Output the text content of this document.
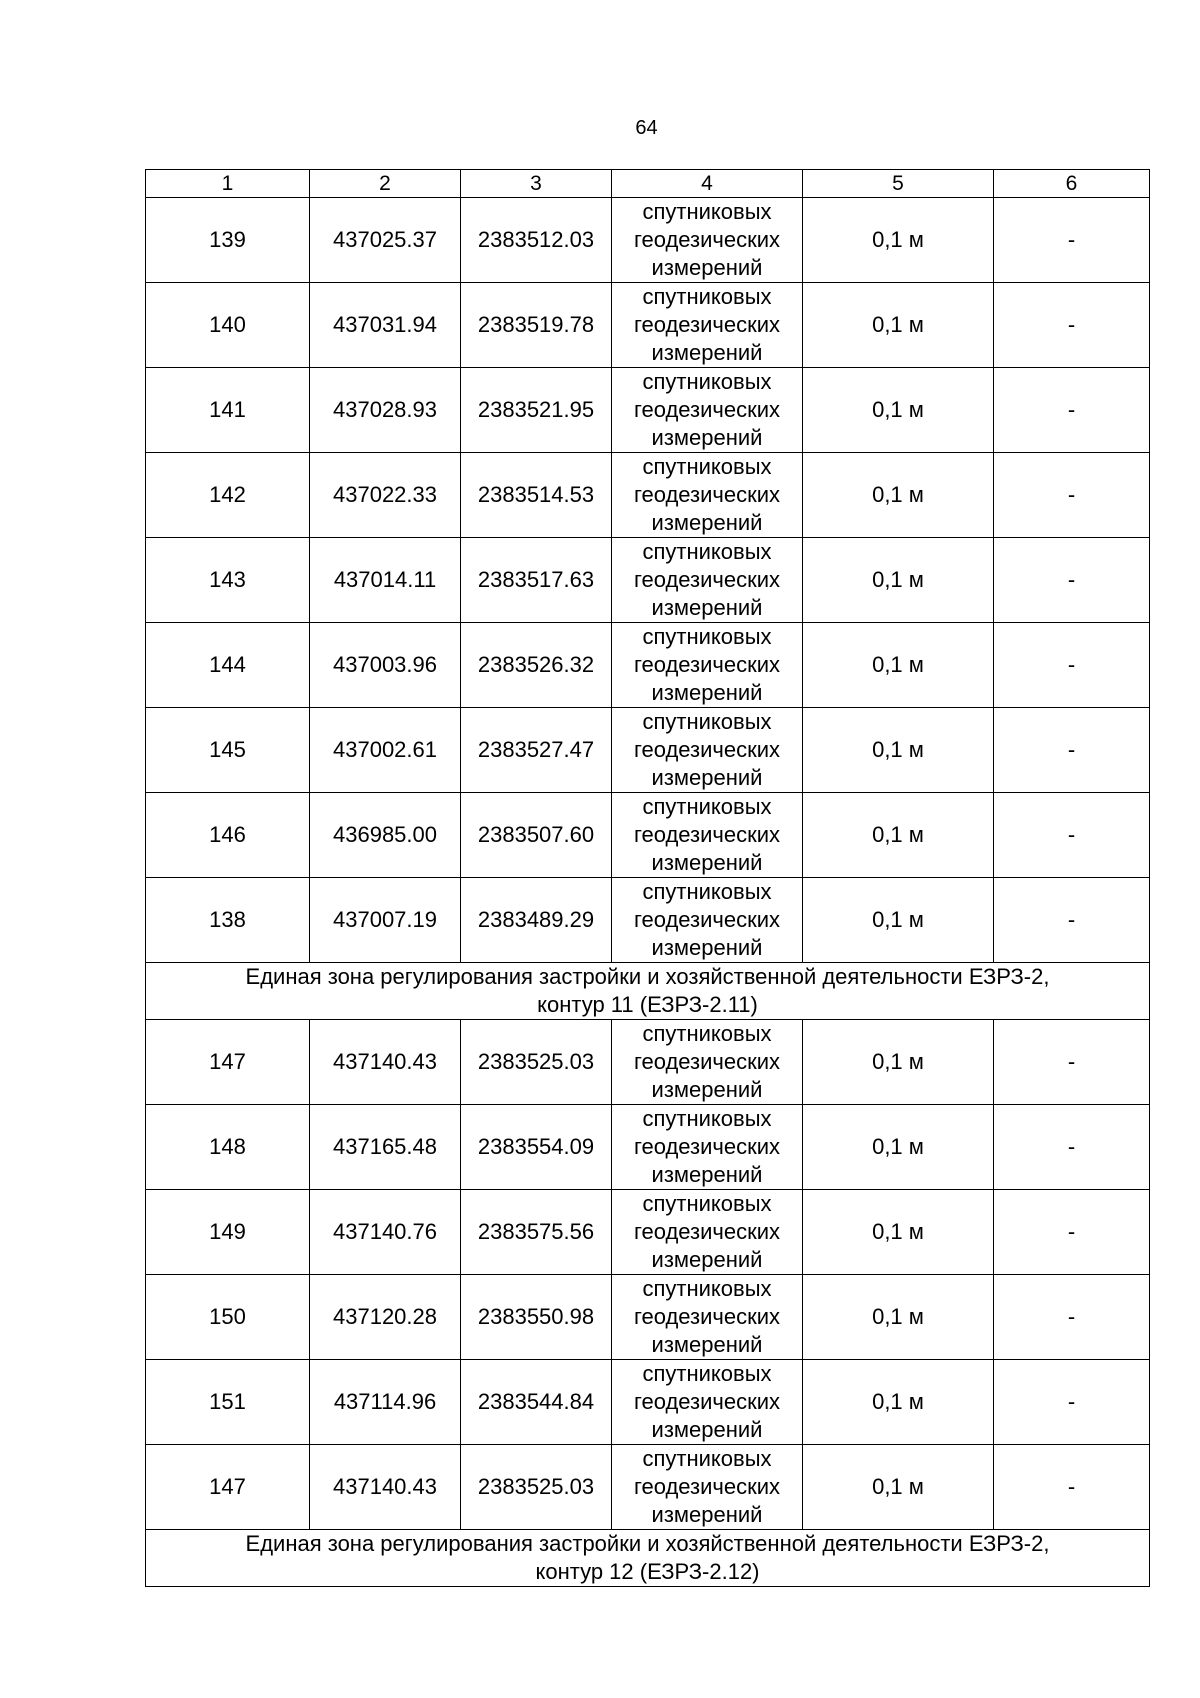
64
1	2	3	4	5	6
139	437025.37	2383512.03	спутниковых геодезических измерений	0,1 м	-
140	437031.94	2383519.78	спутниковых геодезических измерений	0,1 м	-
141	437028.93	2383521.95	спутниковых геодезических измерений	0,1 м	-
142	437022.33	2383514.53	спутниковых геодезических измерений	0,1 м	-
143	437014.11	2383517.63	спутниковых геодезических измерений	0,1 м	-
144	437003.96	2383526.32	спутниковых геодезических измерений	0,1 м	-
145	437002.61	2383527.47	спутниковых геодезических измерений	0,1 м	-
146	436985.00	2383507.60	спутниковых геодезических измерений	0,1 м	-
138	437007.19	2383489.29	спутниковых геодезических измерений	0,1 м	-

Единая зона регулирования застройки и хозяйственной деятельности ЕЗРЗ-2,
контур 11 (ЕЗРЗ-2.11)					

147	437140.43	2383525.03	спутниковых геодезических измерений	0,1 м	-
148	437165.48	2383554.09	спутниковых геодезических измерений	0,1 м	-
149	437140.76	2383575.56	спутниковых геодезических измерений	0,1 м	-
150	437120.28	2383550.98	спутниковых геодезических измерений	0,1 м	-
151	437114.96	2383544.84	спутниковых геодезических измерений	0,1 м	-
147	437140.43	2383525.03	спутниковых геодезических измерений	0,1 м	-

Единая зона регулирования застройки и хозяйственной деятельности ЕЗРЗ-2,
контур 12 (ЕЗРЗ-2.12)					
